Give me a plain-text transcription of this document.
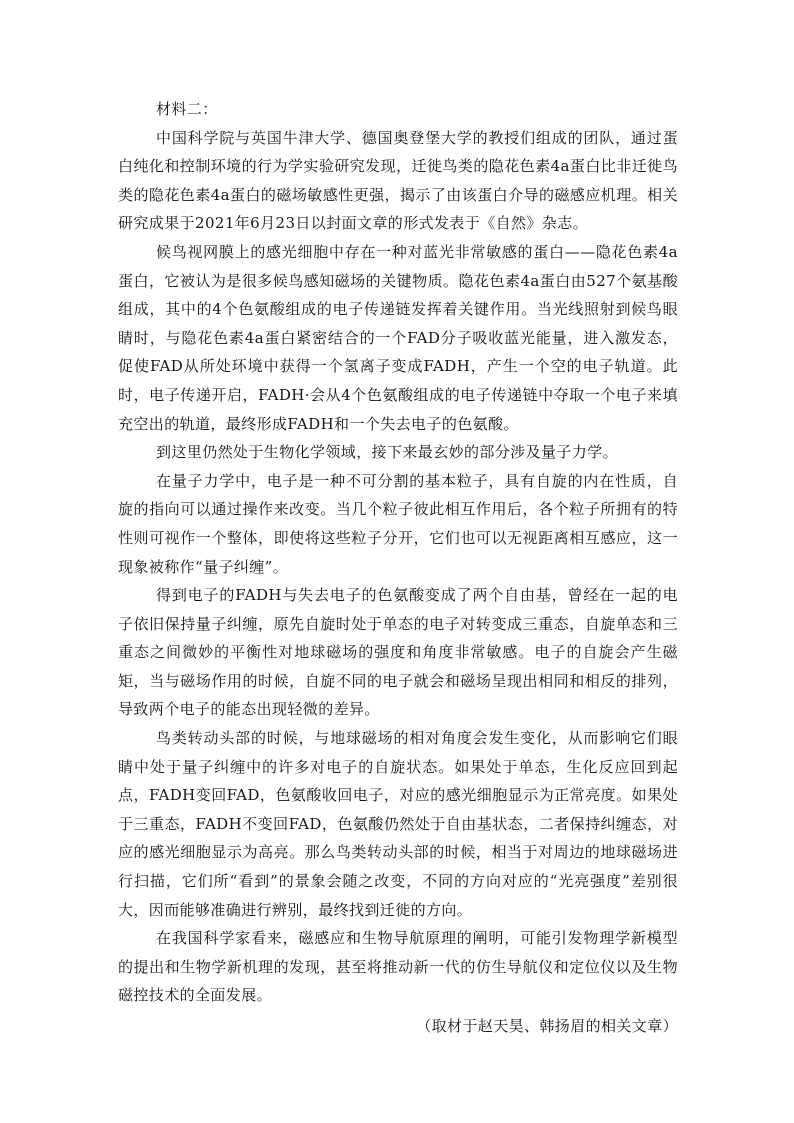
材料二：

中国科学院与英国牛津大学、德国奥登堡大学的教授们组成的团队，通过蛋白纯化和控制环境的行为学实验研究发现，迁徙鸟类的隐花色素4a蛋白比非迁徙鸟类的隐花色素4a蛋白的磁场敏感性更强，揭示了由该蛋白介导的磁感应机理。相关研究成果于2021年6月23日以封面文章的形式发表于《自然》杂志。

候鸟视网膜上的感光细胞中存在一种对蓝光非常敏感的蛋白——隐花色素4a蛋白，它被认为是很多候鸟感知磁场的关键物质。隐花色素4a蛋白由527个氨基酸组成，其中的4个色氨酸组成的电子传递链发挥着关键作用。当光线照射到候鸟眼睛时，与隐花色素4a蛋白紧密结合的一个FAD分子吸收蓝光能量，进入激发态，促使FAD从所处环境中获得一个氢离子变成FADH，产生一个空的电子轨道。此时，电子传递开启，FADH·会从4个色氨酸组成的电子传递链中夺取一个电子来填充空出的轨道，最终形成FADH和一个失去电子的色氨酸。

到这里仍然处于生物化学领域，接下来最玄妙的部分涉及量子力学。

在量子力学中，电子是一种不可分割的基本粒子，具有自旋的内在性质，自旋的指向可以通过操作来改变。当几个粒子彼此相互作用后，各个粒子所拥有的特性则可视作一个整体，即使将这些粒子分开，它们也可以无视距离相互感应，这一现象被称作“量子纠缠”。

得到电子的FADH与失去电子的色氨酸变成了两个自由基，曾经在一起的电子依旧保持量子纠缠，原先自旋时处于单态的电子对转变成三重态，自旋单态和三重态之间微妙的平衡性对地球磁场的强度和角度非常敏感。电子的自旋会产生磁矩，当与磁场作用的时候，自旋不同的电子就会和磁场呈现出相同和相反的排列，导致两个电子的能态出现轻微的差异。

鸟类转动头部的时候，与地球磁场的相对角度会发生变化，从而影响它们眼睛中处于量子纠缠中的许多对电子的自旋状态。如果处于单态，生化反应回到起点，FADH变回FAD，色氨酸收回电子，对应的感光细胞显示为正常亮度。如果处于三重态，FADH不变回FAD，色氨酸仍然处于自由基状态，二者保持纠缠态，对应的感光细胞显示为高亮。那么鸟类转动头部的时候，相当于对周边的地球磁场进行扫描，它们所“看到”的景象会随之改变，不同的方向对应的“光亮强度”差别很大，因而能够准确进行辨别，最终找到迁徙的方向。

在我国科学家看来，磁感应和生物导航原理的阐明，可能引发物理学新模型的提出和生物学新机理的发现，甚至将推动新一代的仿生导航仪和定位仪以及生物磁控技术的全面发展。

（取材于赵天昊、韩扬眉的相关文章）
